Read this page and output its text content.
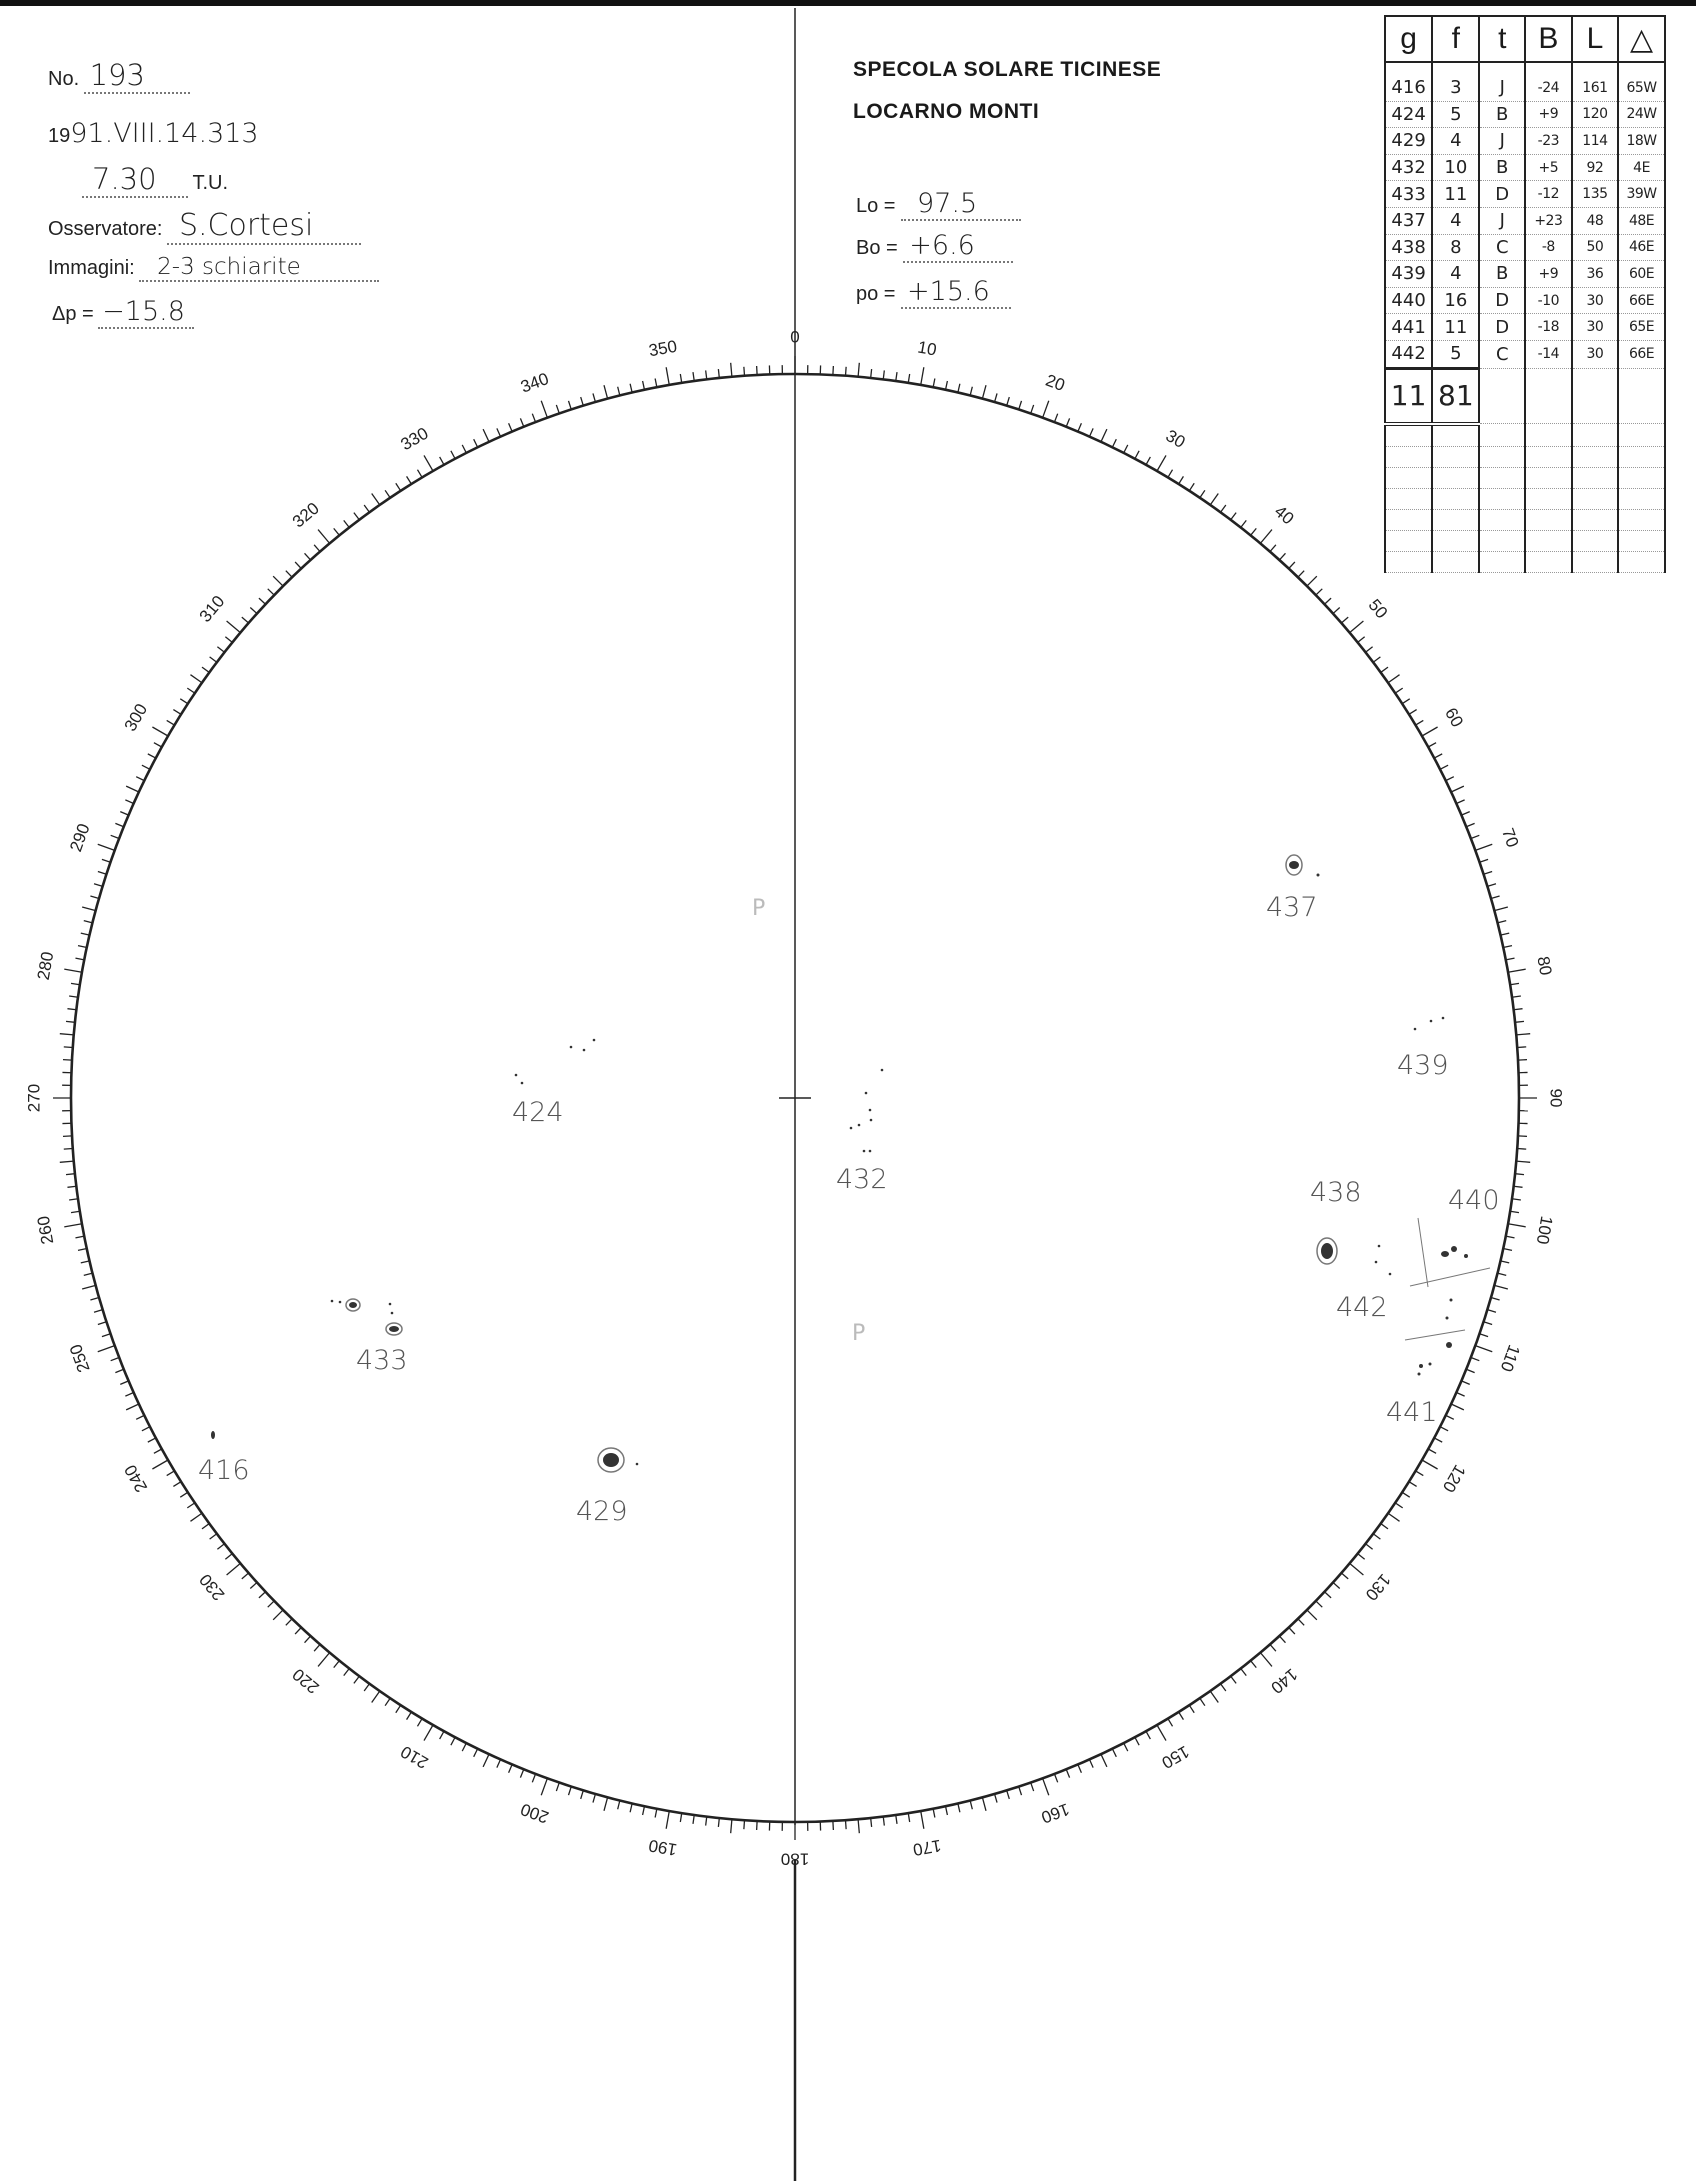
No. 193
1991.VIII.14.313
7.30 T.U.
Osservatore: S.Cortesi
Immagini: 2-3 schiarite
Δp = −15.8
SPECOLA SOLARE TICINESE
LOCARNO MONTI
Lo = 97.5
Bo = +6.6
po = +15.6
g	f	t	B	L	△
416	3	J	-24	161	65W
424	5	B	+9	120	24W
429	4	J	-23	114	18W
432	10	B	+5	92	4E
433	11	D	-12	135	39W
437	4	J	+23	48	48E
438	8	C	-8	50	46E
439	4	B	+9	36	60E
440	16	D	-10	30	66E
441	11	D	-18	30	65E
442	5	C	-14	30	66E
11	81				

0
10
20
30
40
50
60
70
80
90
100
110
120
130
140
150
160
170
180
190
200
210
220
230
240
250
260
270
280
290
300
310
320
330
340
350
416
424
429
432
433
437
438
439
440
441
442
P
P
